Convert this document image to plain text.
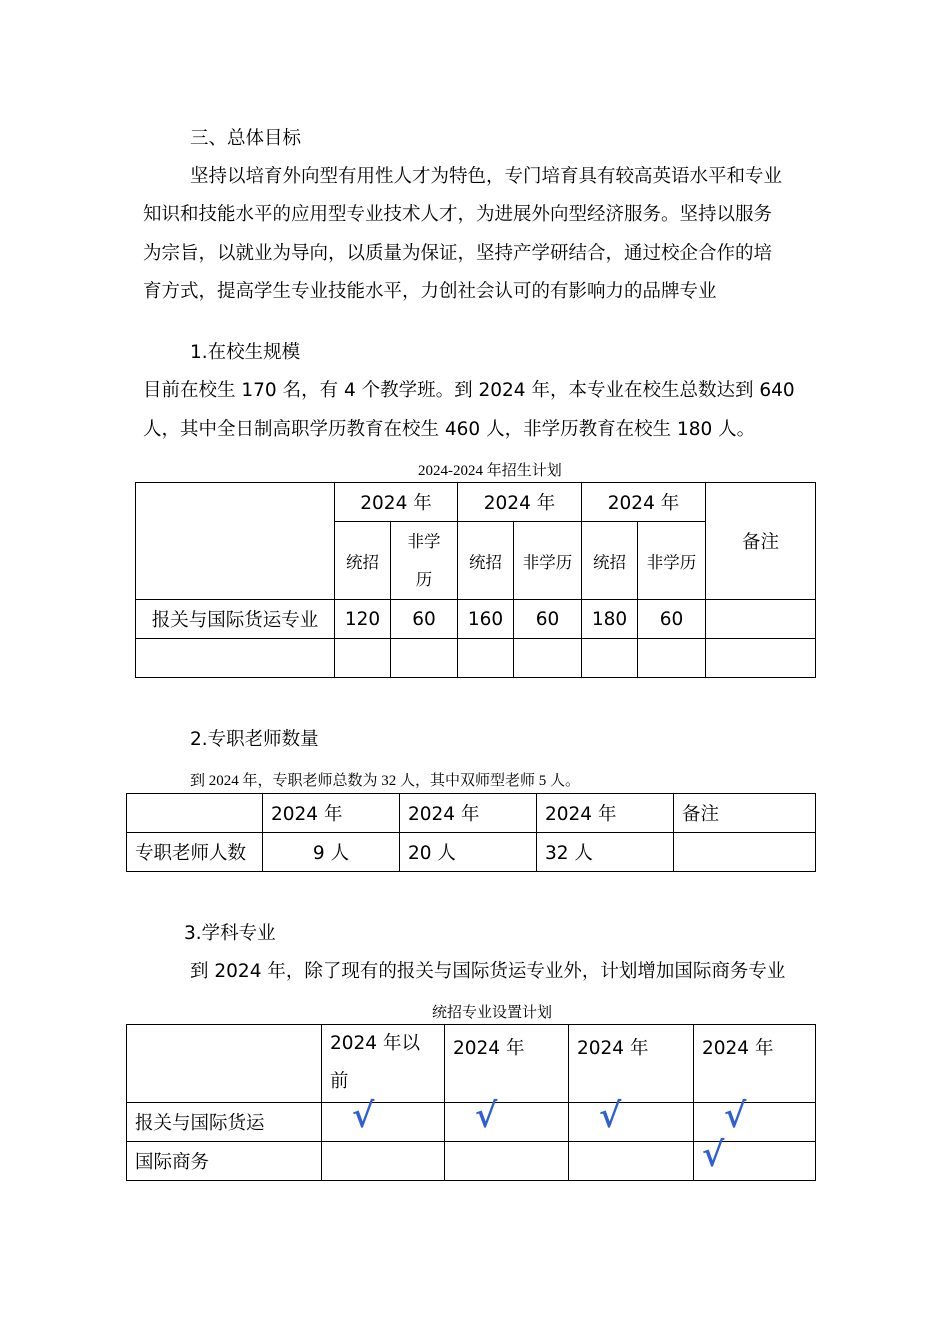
三、总体目标
坚持以培育外向型有用性人才为特色，专门培育具有较高英语水平和专业
知识和技能水平的应用型专业技术人才，为进展外向型经济服务。坚持以服务
为宗旨，以就业为导向，以质量为保证，坚持产学研结合，通过校企合作的培
育方式，提高学生专业技能水平，力创社会认可的有影响力的品牌专业
1.在校生规模
目前在校生 170 名，有 4 个教学班。到 2024 年，本专业在校生总数达到 640
人，其中全日制高职学历教育在校生 460 人，非学历教育在校生 180 人。
2024-2024 年招生计划
	2024 年		2024 年		2024 年		备注
	统招	非学
历	统招	非学历	统招	非学历	
报关与国际货运专业	120	60	160	60	180	60	

2.专职老师数量
到 2024 年，专职老师总数为 32 人，其中双师型老师 5 人。
	2024 年	2024 年	2024 年	备注
专职老师人数	9 人	20 人	32 人	
3.学科专业
到 2024 年，除了现有的报关与国际货运专业外，计划增加国际商务专业
统招专业设置计划

	2024 年以
前	2024 年	2024 年	2024 年
报关与国际货运	√	√	√	√

国际商务				√
